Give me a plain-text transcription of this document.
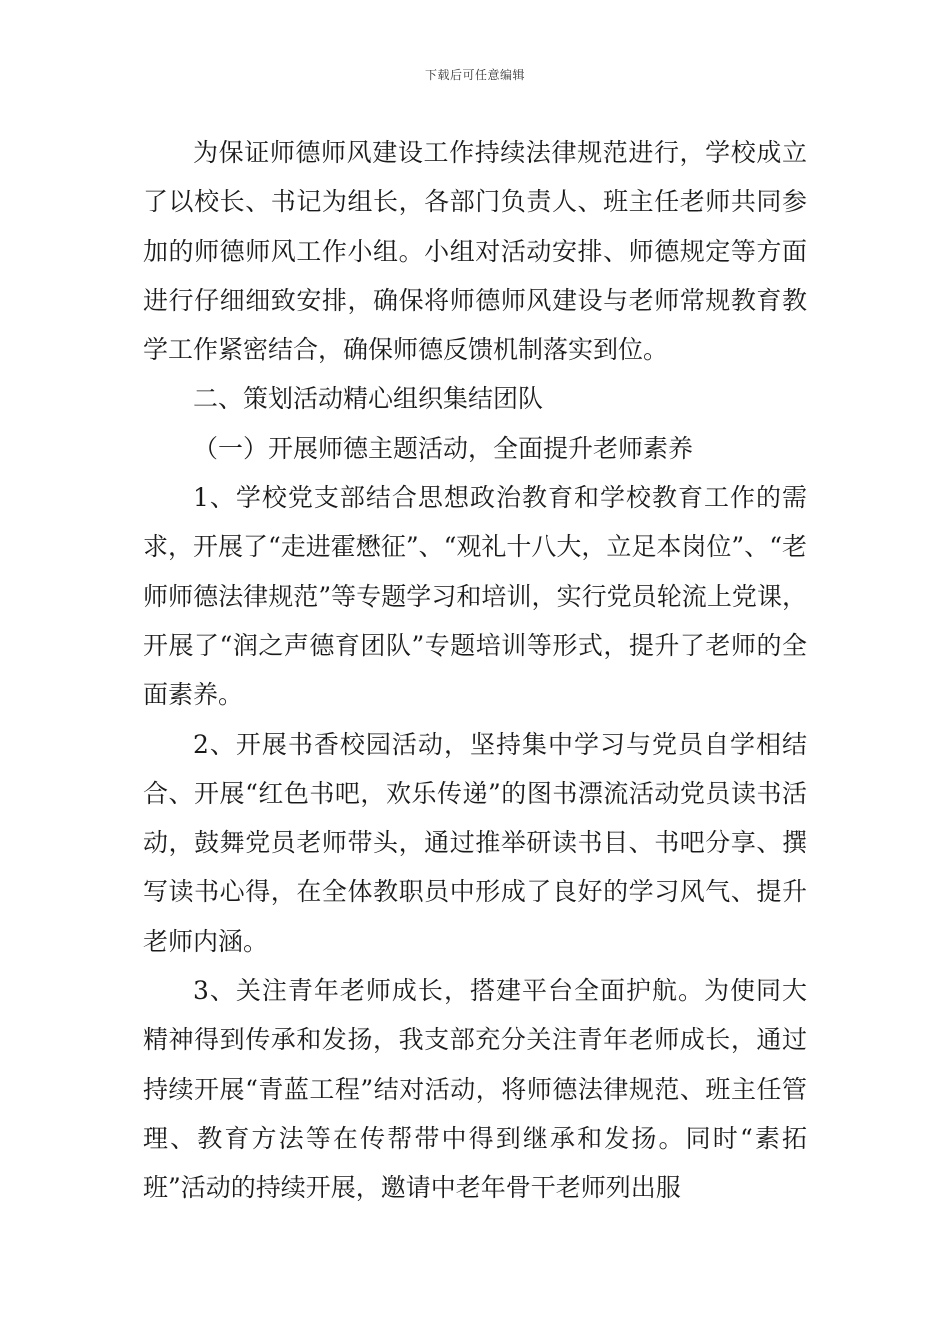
下载后可任意编辑

为保证师德师风建设工作持续法律规范进行，学校成立了以校长、书记为组长，各部门负责人、班主任老师共同参加的师德师风工作小组。小组对活动安排、师德规定等方面进行仔细细致安排，确保将师德师风建设与老师常规教育教学工作紧密结合，确保师德反馈机制落实到位。

二、策划活动精心组织集结团队

（一）开展师德主题活动，全面提升老师素养

1、学校党支部结合思想政治教育和学校教育工作的需求，开展了“走进霍懋征”、“观礼十八大，立足本岗位”、“老师师德法律规范”等专题学习和培训，实行党员轮流上党课，开展了“润之声德育团队”专题培训等形式，提升了老师的全面素养。

2、开展书香校园活动，坚持集中学习与党员自学相结合、开展“红色书吧，欢乐传递”的图书漂流活动党员读书活动，鼓舞党员老师带头，通过推举研读书目、书吧分享、撰写读书心得，在全体教职员中形成了良好的学习风气、提升老师内涵。

3、关注青年老师成长，搭建平台全面护航。为使同大精神得到传承和发扬，我支部充分关注青年老师成长，通过持续开展“青蓝工程”结对活动，将师德法律规范、班主任管理、教育方法等在传帮带中得到继承和发扬。同时“素拓班”活动的持续开展，邀请中老年骨干老师列出服
